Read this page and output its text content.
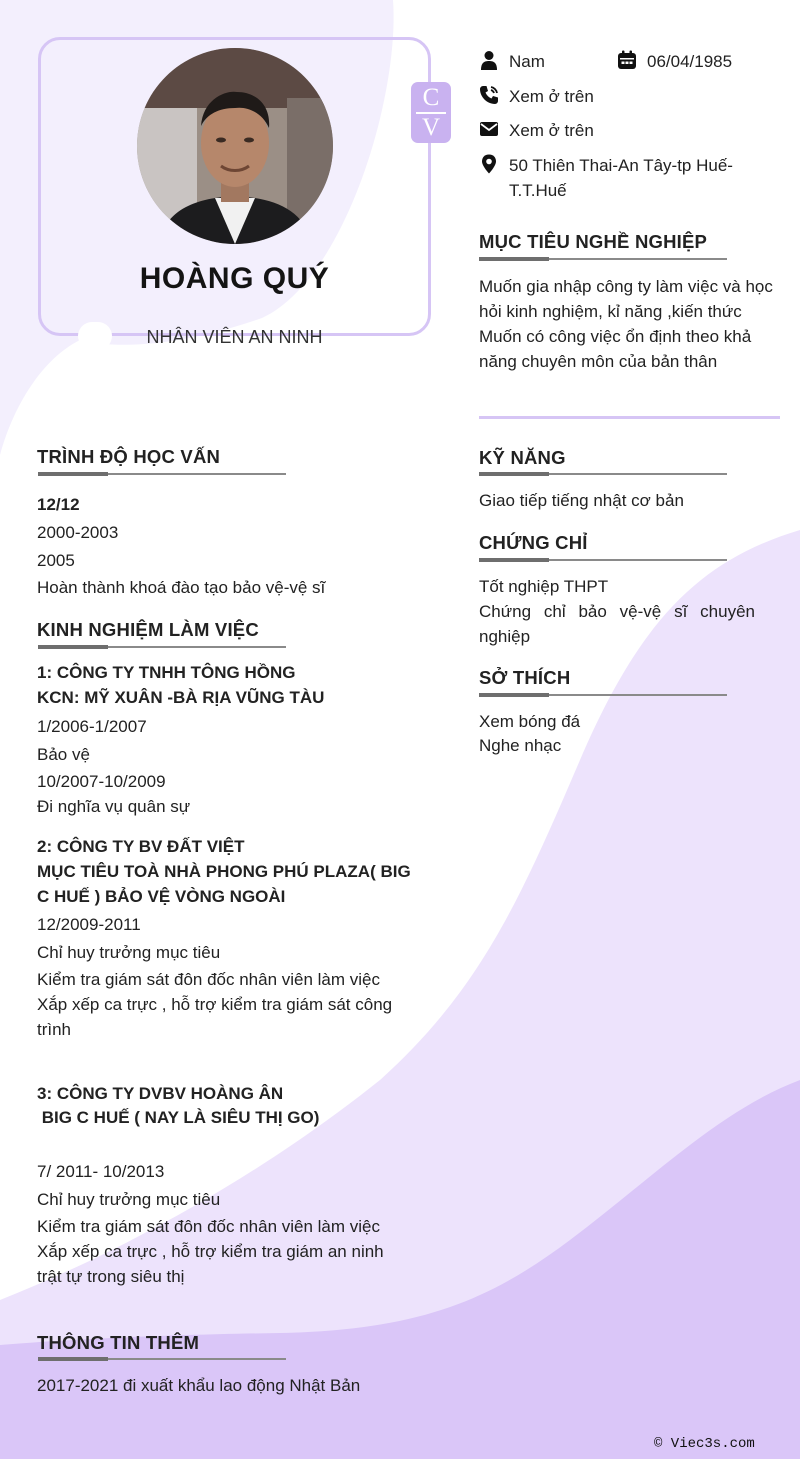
HOÀNG QUÝ
NHÂN VIÊN AN NINH
C
V
Nam	06/04/1985
Xem ở trên
Xem ở trên
50 Thiên Thai-An Tây-tp Huế-T.T.Huế
MỤC TIÊU NGHỀ NGHIỆP
Muốn gia nhập công ty làm việc và học
hỏi kinh nghiệm, kỉ năng ,kiến thức
Muốn có công việc ổn định theo khả
năng chuyên môn của bản thân
TRÌNH ĐỘ HỌC VẤN
12/12
2000-2003
2005
Hoàn thành khoá đào tạo bảo vệ-vệ sĩ
KINH NGHIỆM LÀM VIỆC
1: CÔNG TY TNHH TÔNG HỒNG
KCN: MỸ XUÂN -BÀ RỊA VŨNG TÀU
1/2006-1/2007
Bảo vệ
10/2007-10/2009
Đi nghĩa vụ quân sự
2: CÔNG TY BV ĐẤT VIỆT
MỤC TIÊU TOÀ NHÀ PHONG PHÚ PLAZA( BIG
C HUẾ ) BẢO VỆ VÒNG NGOÀI
12/2009-2011
Chỉ huy trưởng mục tiêu
Kiểm tra giám sát đôn đốc nhân viên làm việc
Xắp xếp ca trực , hỗ trợ kiểm tra giám sát công
trình
3: CÔNG TY DVBV HOÀNG ÂN
BIG C HUẾ ( NAY LÀ SIÊU THỊ GO)
7/ 2011- 10/2013
Chỉ huy trưởng mục tiêu
Kiểm tra giám sát đôn đốc nhân viên làm việc
Xắp xếp ca trực , hỗ trợ kiểm tra giám an ninh
trật tự trong siêu thị
THÔNG TIN THÊM
2017-2021 đi xuất khẩu lao động Nhật Bản
KỸ NĂNG
Giao tiếp tiếng nhật cơ bản
CHỨNG CHỈ
Tốt nghiệp THPT
Chứng chỉ bảo vệ-vệ sĩ chuyên nghiệp
SỞ THÍCH
Xem bóng đá
Nghe nhạc
© Viec3s.com
